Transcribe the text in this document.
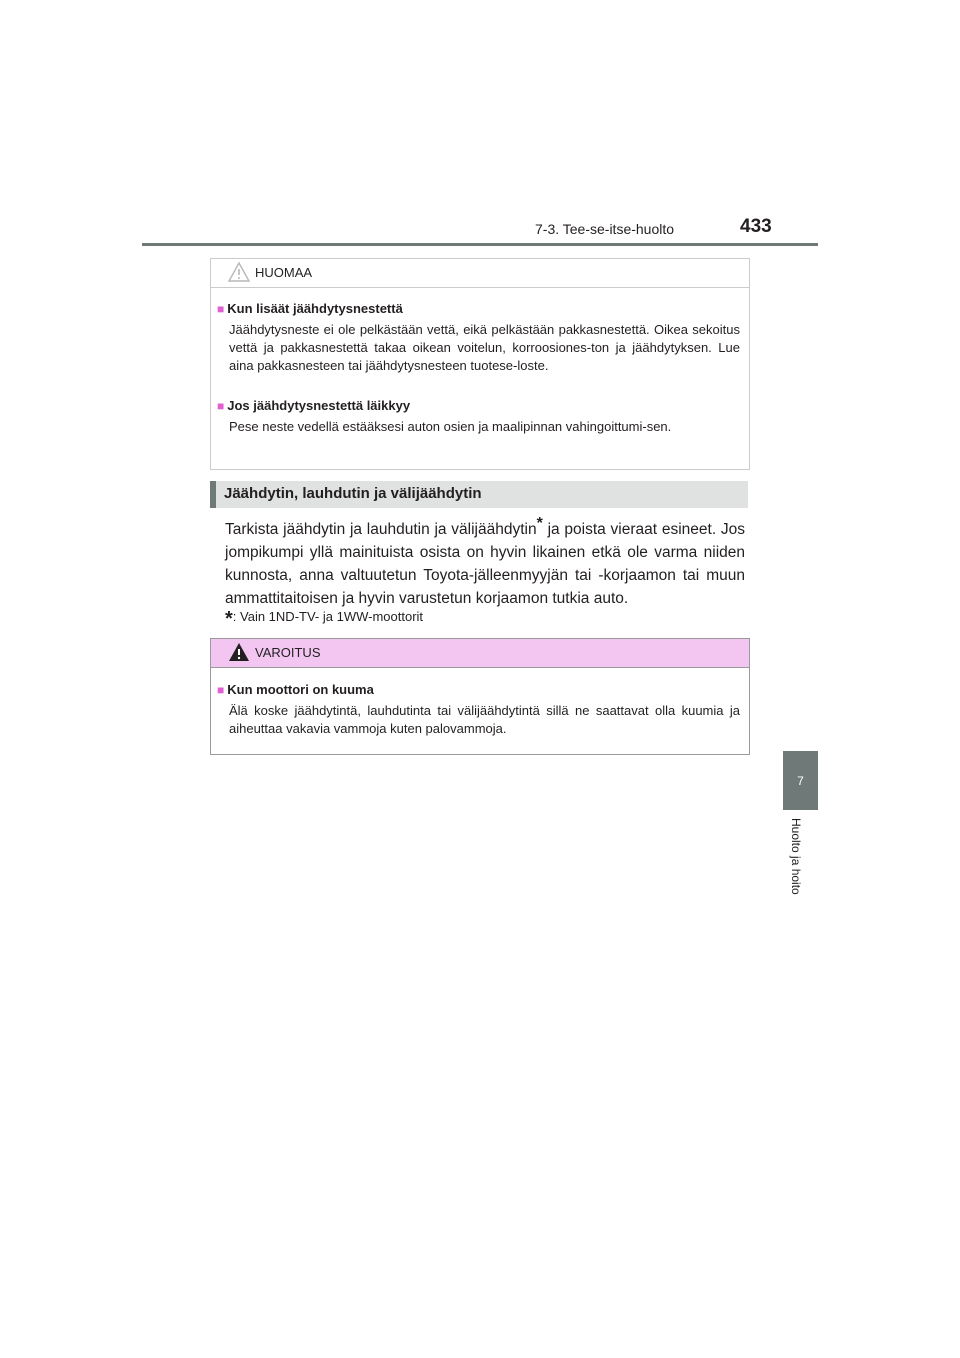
7-3. Tee-se-itse-huolto	433
7
Huolto ja hoito
HUOMAA
■ Kun lisäät jäähdytysnestettä
Jäähdytysneste ei ole pelkästään vettä, eikä pelkästään pakkasnestettä. Oikea sekoitus vettä ja pakkasnestettä takaa oikean voitelun, korroosiones-ton ja jäähdytyksen. Lue aina pakkasnesteen tai jäähdytysnesteen tuotese-loste.
■ Jos jäähdytysnestettä läikkyy
Pese neste vedellä estääksesi auton osien ja maalipinnan vahingoittumi-sen.
Jäähdytin, lauhdutin ja välijäähdytin
Tarkista jäähdytin ja lauhdutin ja välijäähdytin* ja poista vieraat esineet. Jos jompikumpi yllä mainituista osista on hyvin likainen etkä ole varma niiden kunnosta, anna valtuutetun Toyota-jälleenmyyjän tai -korjaamon tai muun ammattitaitoisen ja hyvin varustetun korjaamon tutkia auto.
*: Vain 1ND-TV- ja 1WW-moottorit
VAROITUS
■ Kun moottori on kuuma
Älä koske jäähdytintä, lauhdutinta tai välijäähdytintä sillä ne saattavat olla kuumia ja aiheuttaa vakavia vammoja kuten palovammoja.
